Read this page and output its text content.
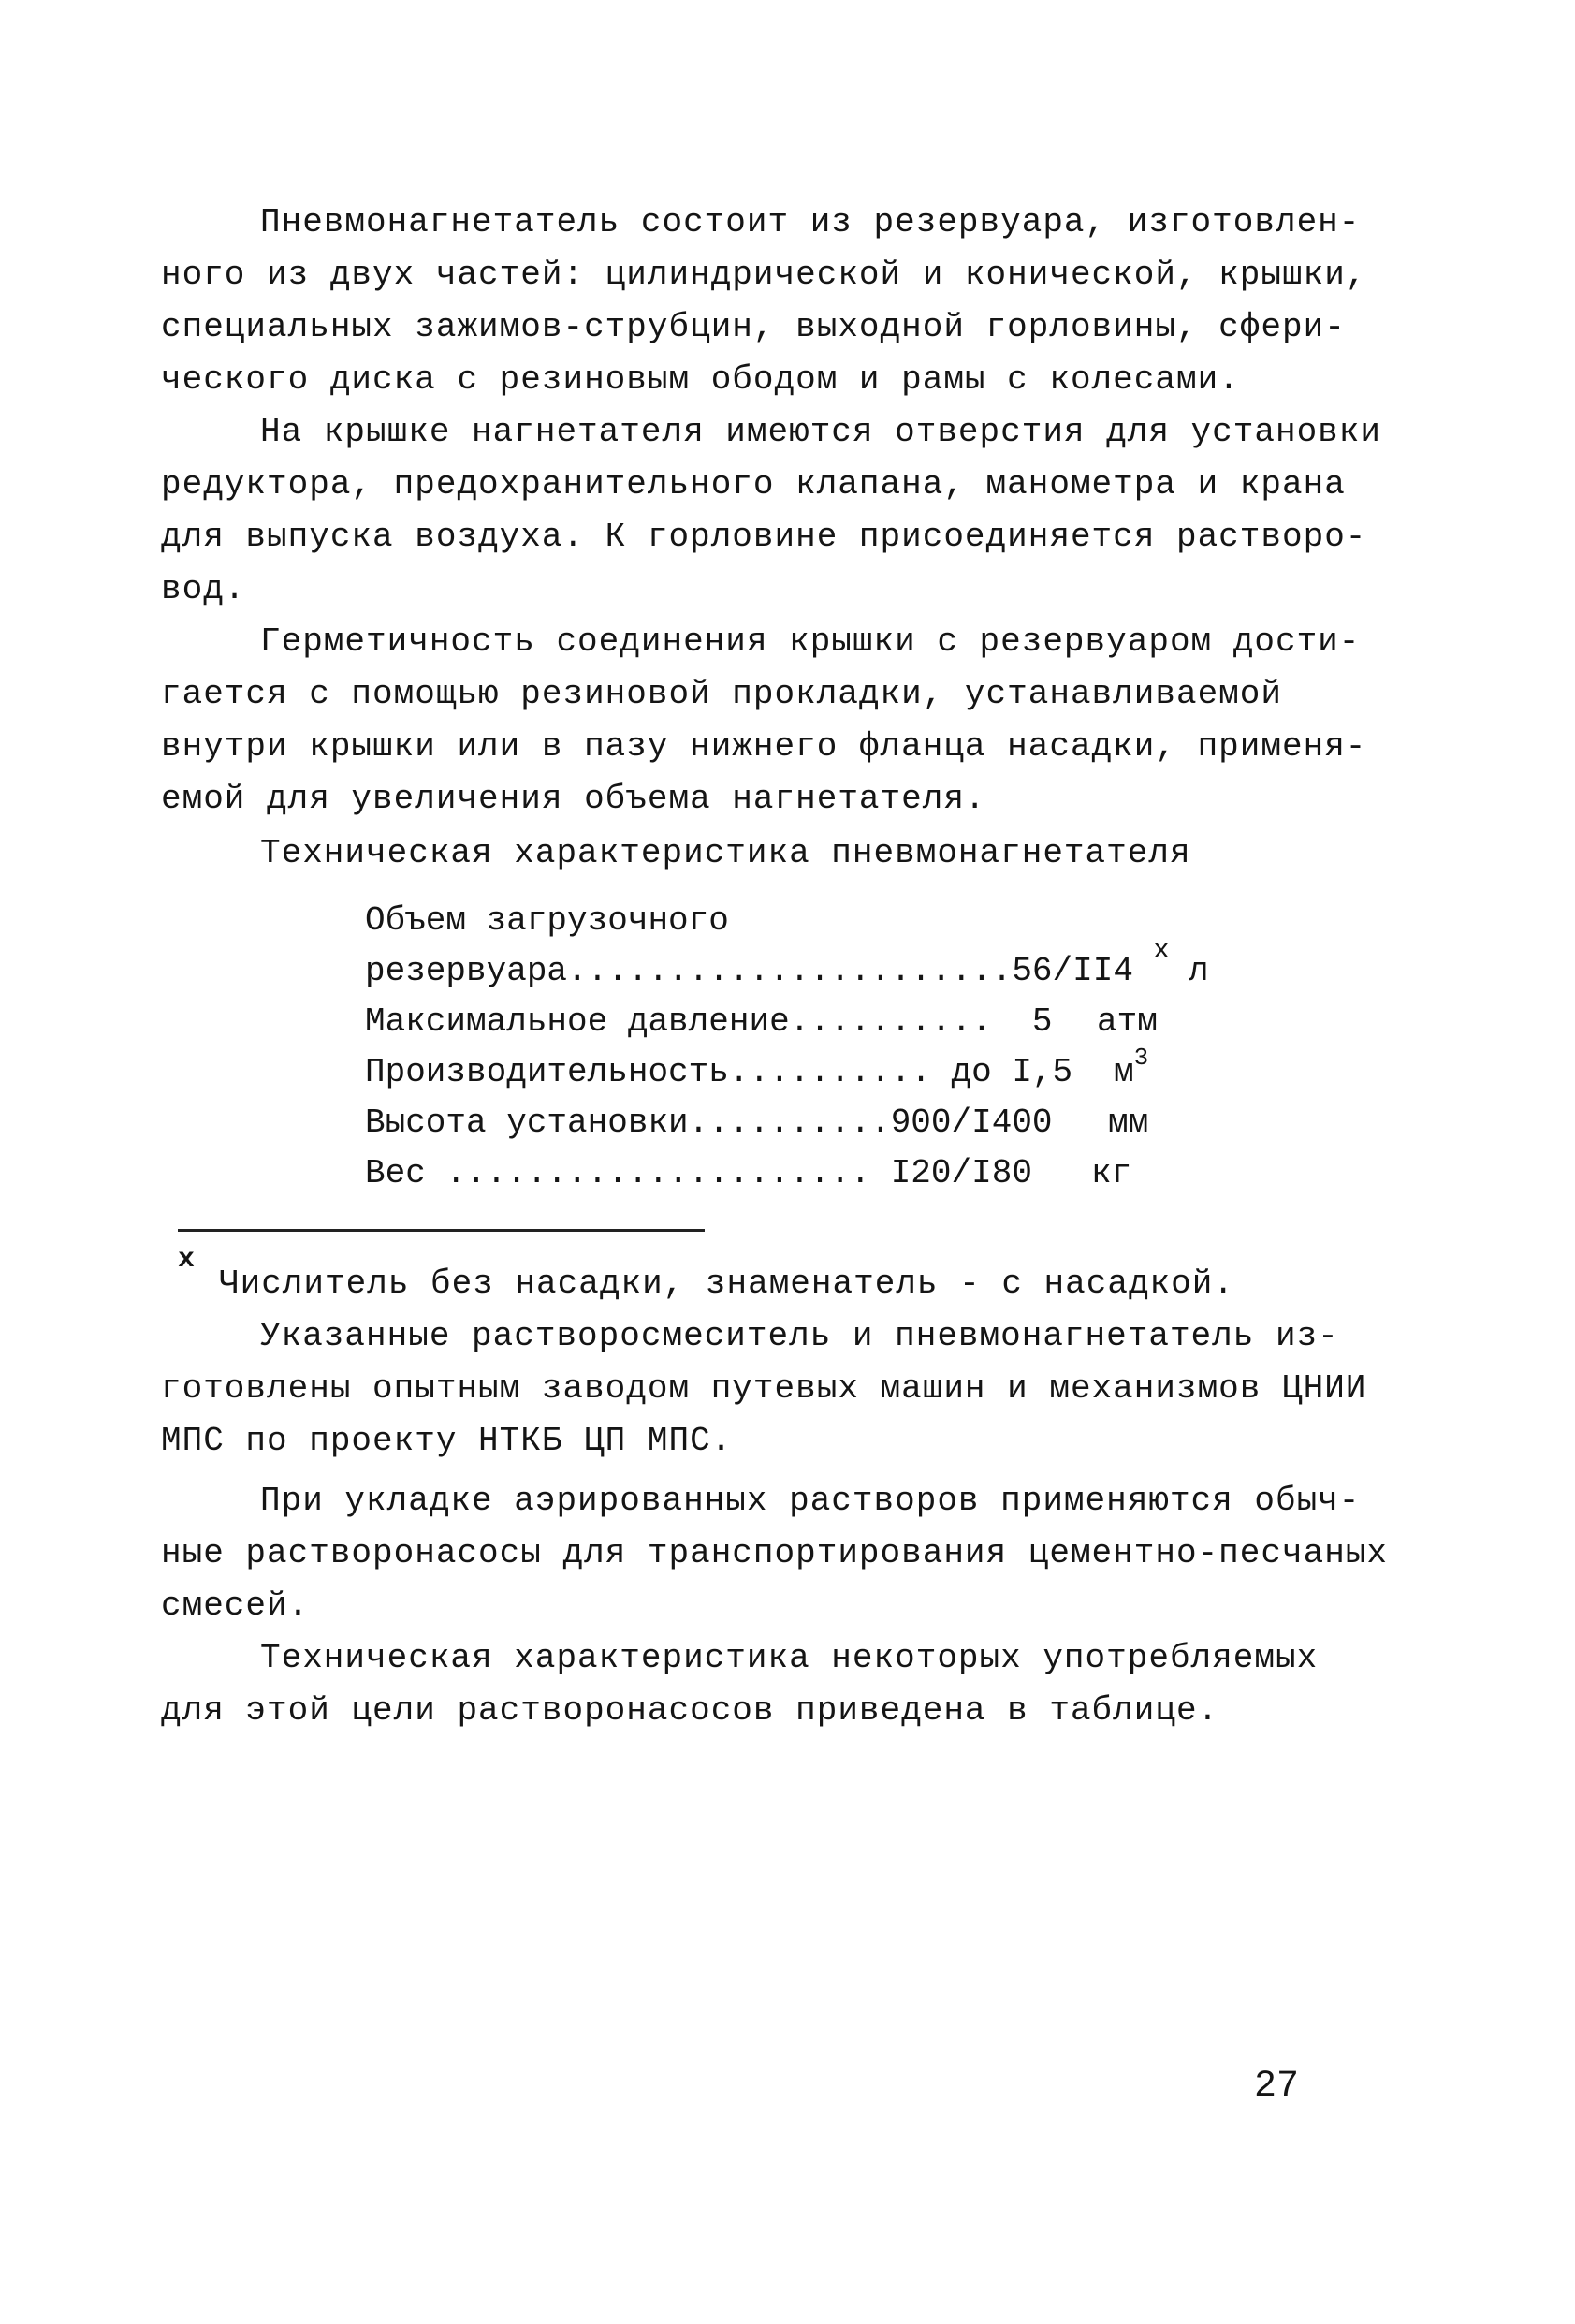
Пневмонагнетатель состоит из резервуара, изготовлен-
ного из двух частей: цилиндрической и конической, крышки,
специальных зажимов-струбцин, выходной горловины, сфери-
ческого диска с резиновым ободом и рамы с колесами.
На крышке нагнетателя имеются отверстия для установки
редуктора, предохранительного клапана, манометра и крана
для выпуска воздуха. К горловине присоединяется растворо-
вод.
Герметичность соединения крышки с резервуаром дости-
гается с помощью резиновой прокладки, устанавливаемой
внутри крышки или в пазу нижнего фланца насадки, применя-
емой для увеличения объема нагнетателя.
Техническая характеристика пневмонагнетателя
Объем загрузочного
резервуара......................56/II4
х
л
Максимальное давление..........  5 атм
Производительность.......... до I,5 $м^3$
Высота установки..........900/I400 мм
Вес ..................... I20/I80 кг
х
Числитель без насадки, знаменатель - с насадкой.
Указанные растворосмеситель и пневмонагнетатель из-
готовлены опытным заводом путевых машин и механизмов ЦНИИ
МПС по проекту НТКБ ЦП МПС.
При укладке аэрированных растворов применяются обыч-
ные растворонасосы для транспортирования цементно-песчаных
смесей.
Техническая характеристика некоторых употребляемых
для этой цели растворонасосов приведена в таблице.
27
